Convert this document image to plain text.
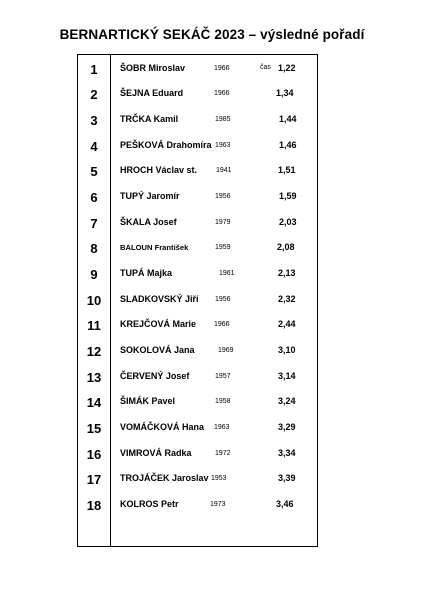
BERNARTICKÝ SEKÁČ 2023 – výsledné pořadí
1	ŠOBR Miroslav	1966	čas 1,22
2	ŠEJNA Eduard	1966	1,34
3	TRČKA Kamil	1985	1,44
4	PEŠKOVÁ Drahomíra 1963	1,46
5	HROCH Václav st.	1941	1,51
6	TUPÝ Jaromír	1956	1,59
7	ŠKALA Josef	1979	2,03
8	BALOUN František	1959	2,08
9	TUPÁ Majka	1961	2,13
10	SLADKOVSKÝ Jiří 1956	2,32
11	KREJČOVÁ Marie	1966	2,44
12	SOKOLOVÁ Jana	1969	3,10
13	ČERVENÝ Josef	1957	3,14
14	ŠIMÁK Pavel	1958	3,24
15	VOMÁČKOVÁ Hana 1963	3,29
16	VIMROVÁ Radka	1972	3,34
17	TROJÁČEK Jaroslav 1953	3,39
18	KOLROS Petr	1973	3,46
